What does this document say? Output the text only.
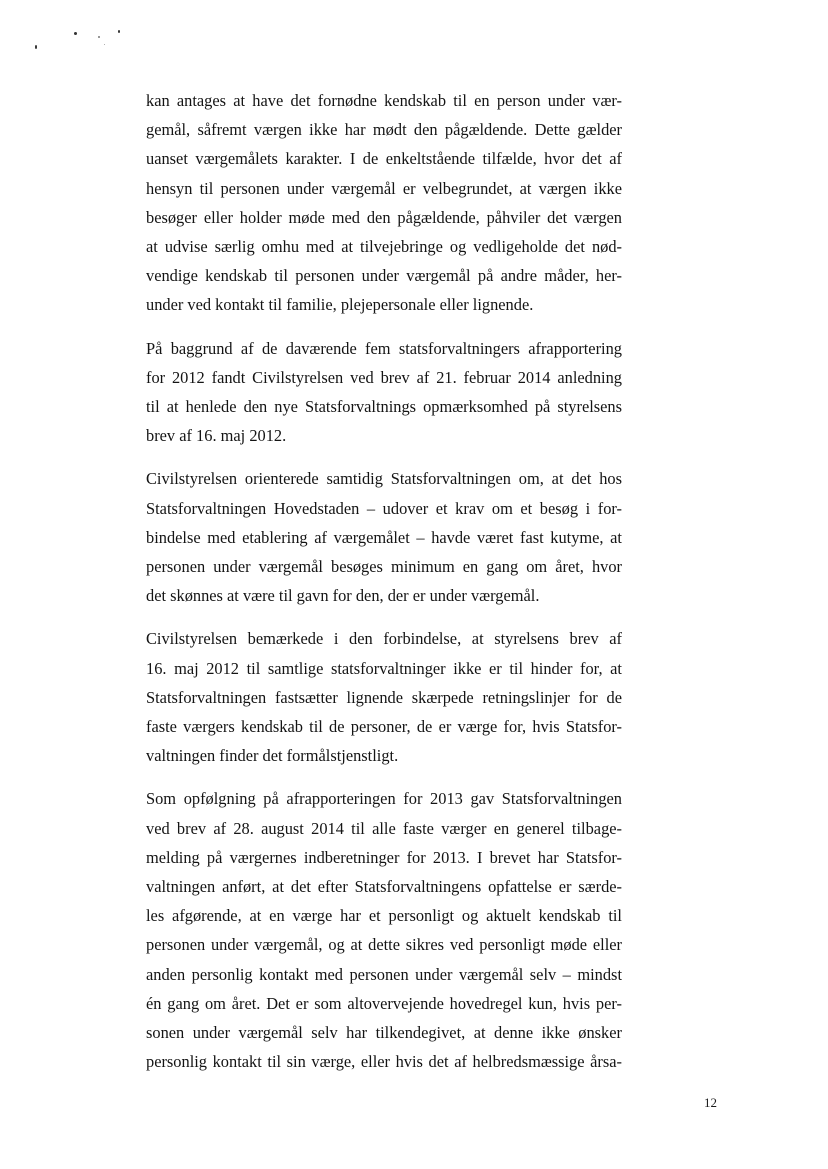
kan antages at have det fornødne kendskab til en person under vær-
gemål, såfremt værgen ikke har mødt den pågældende. Dette gælder
uanset værgemålets karakter. I de enkeltstående tilfælde, hvor det af
hensyn til personen under værgemål er velbegrundet, at værgen ikke
besøger eller holder møde med den pågældende, påhviler det værgen
at udvise særlig omhu med at tilvejebringe og vedligeholde det nød-
vendige kendskab til personen under værgemål på andre måder, her-
under ved kontakt til familie, plejepersonale eller lignende.

På baggrund af de daværende fem statsforvaltningers afrapportering
for 2012 fandt Civilstyrelsen ved brev af 21. februar 2014 anledning
til at henlede den nye Statsforvaltnings opmærksomhed på styrelsens
brev af 16. maj 2012.

Civilstyrelsen orienterede samtidig Statsforvaltningen om, at det hos
Statsforvaltningen Hovedstaden – udover et krav om et besøg i for-
bindelse med etablering af værgemålet – havde været fast kutyme, at
personen under værgemål besøges minimum en gang om året, hvor
det skønnes at være til gavn for den, der er under værgemål.

Civilstyrelsen bemærkede i den forbindelse, at styrelsens brev af
16. maj 2012 til samtlige statsforvaltninger ikke er til hinder for, at
Statsforvaltningen fastsætter lignende skærpede retningslinjer for de
faste værgers kendskab til de personer, de er værge for, hvis Statsfor-
valtningen finder det formålstjenstligt.

Som opfølgning på afrapporteringen for 2013 gav Statsforvaltningen
ved brev af 28. august 2014 til alle faste værger en generel tilbage-
melding på værgernes indberetninger for 2013. I brevet har Statsfor-
valtningen anført, at det efter Statsforvaltningens opfattelse er særde-
les afgørende, at en værge har et personligt og aktuelt kendskab til
personen under værgemål, og at dette sikres ved personligt møde eller
anden personlig kontakt med personen under værgemål selv – mindst
én gang om året. Det er som altovervejende hovedregel kun, hvis per-
sonen under værgemål selv har tilkendegivet, at denne ikke ønsker
personlig kontakt til sin værge, eller hvis det af helbredsmæssige årsa-

12
